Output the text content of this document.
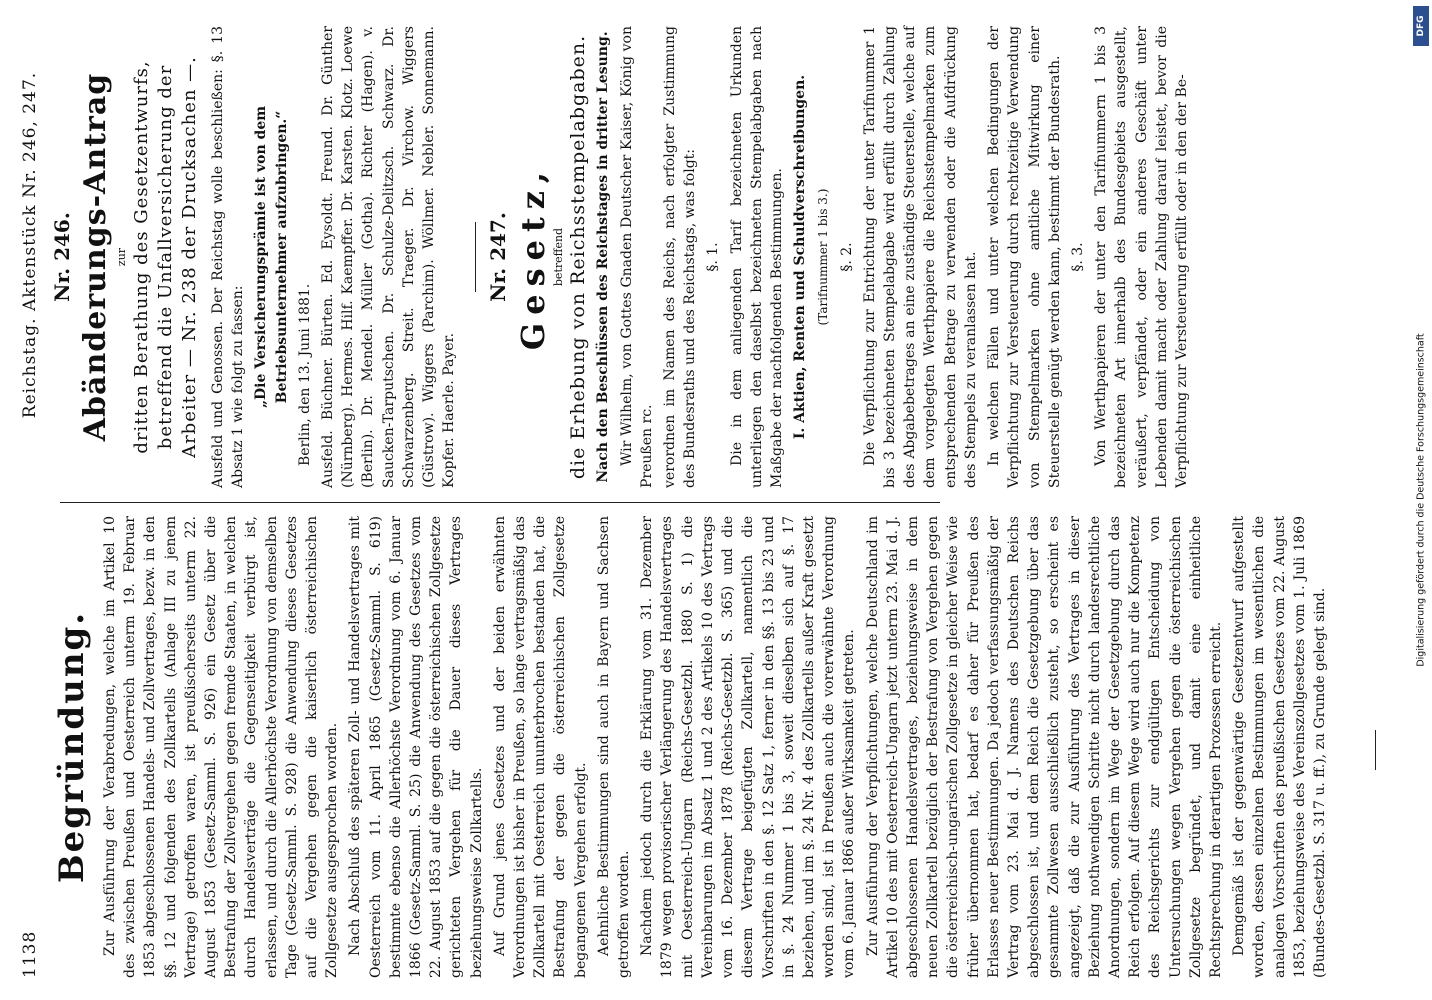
1138
Reichstag. Aktenstück Nr. 246, 247.
Begründung. Zur Ausführung der Verabredungen, welche im Artikel 10 des zwischen Preußen und Oesterreich unterm 19. Februar 1853 abgeschlossenen Handels- und Zollvertrages, bezw. in den §§. 12 und folgenden des Zollkartells (Anlage III zu jenem Vertrage) getroffen waren, ist preußischerseits unterm 22. August 1853 (Gesetz-Samml. S. 926) ein Gesetz über die Bestrafung der Zollvergehen gegen fremde Staaten, in welchen durch Handelsverträge die Gegenseitigkeit verbürgt ist, erlassen, und durch die Allerhöchste Verordnung von demselben Tage (Gesetz-Samml. S. 928) die Anwendung dieses Gesetzes auf die Vergehen gegen die kaiserlich österreichischen Zollgesetze ausgesprochen worden. Nach Abschluß des späteren Zoll- und Handelsvertrages mit Oesterreich vom 11. April 1865 (Gesetz-Samml. S. 619) bestimmte ebenso die Allerhöchste Verordnung vom 6. Januar 1866 (Gesetz-Samml. S. 25) die Anwendung des Gesetzes vom 22. August 1853 auf die gegen die österreichischen Zollgesetze gerichteten Vergehen für die Dauer dieses Vertrages beziehungsweise Zollkartells. Auf Grund jenes Gesetzes und der beiden erwähnten Verordnungen ist bisher in Preußen, so lange vertragsmäßig das Zollkartell mit Oesterreich ununterbrochen bestanden hat, die Bestrafung der gegen die österreichischen Zollgesetze begangenen Vergehen erfolgt. Aehnliche Bestimmungen sind auch in Bayern und Sachsen getroffen worden. Nachdem jedoch durch die Erklärung vom 31. Dezember 1879 wegen provisorischer Verlängerung des Handelsvertrages mit Oesterreich-Ungarn (Reichs-Gesetzbl. 1880 S. 1) die Vereinbarungen im Absatz 1 und 2 des Artikels 10 des Vertrags vom 16. Dezember 1878 (Reichs-Gesetzbl. S. 365) und die diesem Vertrage beigefügten Zollkartell, namentlich die Vorschriften in den §. 12 Satz 1, ferner in den §§. 13 bis 23 und in §. 24 Nummer 1 bis 3, soweit dieselben sich auf §. 17 beziehen, und im §. 24 Nr. 4 des Zollkartells außer Kraft gesetzt worden sind, ist in Preußen auch die vorerwähnte Verordnung vom 6. Januar 1866 außer Wirksamkeit getreten. Zur Ausführung der Verpflichtungen, welche Deutschland im Artikel 10 des mit Oesterreich-Ungarn jetzt unterm 23. Mai d. J. abgeschlossenen Handelsvertrages, beziehungsweise in dem neuen Zollkartell bezüglich der Bestrafung von Vergehen gegen die österreichisch-ungarischen Zollgesetze in gleicher Weise wie früher übernommen hat, bedarf es daher für Preußen des Erlasses neuer Bestimmungen. Da jedoch verfassungsmäßig der Vertrag vom 23. Mai d. J. Namens des Deutschen Reichs abgeschlossen ist, und dem Reich die Gesetzgebung über das gesammte Zollwesen ausschließlich zusteht, so erscheint es angezeigt, daß die zur Ausführung des Vertrages in dieser Beziehung nothwendigen Schritte nicht durch landesrechtliche Anordnungen, sondern im Wege der Gesetzgebung durch das Reich erfolgen. Auf diesem Wege wird auch nur die Kompetenz des Reichsgerichts zur endgültigen Entscheidung von Untersuchungen wegen Vergehen gegen die österreichischen Zollgesetze begründet, und damit eine einheitliche Rechtsprechung in derartigen Prozessen erreicht. Demgemäß ist der gegenwärtige Gesetzentwurf aufgestellt worden, dessen einzelnen Bestimmungen im wesentlichen die analogen Vorschriften des preußischen Gesetzes vom 22. August 1853, beziehungsweise des Vereinszollgesetzes vom 1. Juli 1869 (Bundes-Gesetzbl. S. 317 u. ff.), zu Grunde gelegt sind.

Nr. 246. Abänderungs-Antrag zur dritten Berathung des Gesetzentwurfs, betreffend die Unfallversicherung der Arbeiter — Nr. 238 der Drucksachen —. Ausfeld und Genossen. Der Reichstag wolle beschließen: §. 13 Absatz 1 wie folgt zu fassen: „Die Versicherungsprämie ist von dem Betriebsunternehmer aufzubringen.“ Berlin, den 13. Juni 1881. Ausfeld. Büchner. Bürten. Ed. Eysoldt. Freund. Dr. Günther (Nürnberg). Hermes. Hilf. Kaempffer. Dr. Karsten. Klotz. Loewe (Berlin). Dr. Mendel. Müller (Gotha). Richter (Hagen). v. Saucken-Tarputschen. Dr. Schulze-Delitzsch. Schwarz. Dr. Schwarzenberg. Streit. Traeger. Dr. Virchow. Wiggers (Güstrow). Wiggers (Parchim). Wöllmer. Nebler. Sonnemann. Kopfer. Haerle. Payer.

Nr. 247. Gesetz, betreffend die Erhebung von Reichsstempelabgaben. Nach den Beschlüssen des Reichstages in dritter Lesung. Wir Wilhelm, von Gottes Gnaden Deutscher Kaiser, König von Preußen rc. verordnen im Namen des Reichs, nach erfolgter Zustimmung des Bundesraths und des Reichstags, was folgt: §. 1. Die in dem anliegenden Tarif bezeichneten Urkunden unterliegen den daselbst bezeichneten Stempelabgaben nach Maßgabe der nachfolgenden Bestimmungen. I. Aktien, Renten und Schuldverschreibungen. (Tarifnummer 1 bis 3.) §. 2. Die Verpflichtung zur Entrichtung der unter Tarifnummer 1 bis 3 bezeichneten Stempelabgabe wird erfüllt durch Zahlung des Abgabebetrages an eine zuständige Steuerstelle, welche auf dem vorgelegten Werthpapiere die Reichsstempelmarken zum entsprechenden Betrage zu verwenden oder die Aufdrückung des Stempels zu veranlassen hat. In welchen Fällen und unter welchen Bedingungen der Verpflichtung zur Versteuerung durch rechtzeitige Verwendung von Stempelmarken ohne amtliche Mitwirkung einer Steuerstelle genügt werden kann, bestimmt der Bundesrath. §. 3. Von Werthpapieren der unter den Tarifnummern 1 bis 3 bezeichneten Art innerhalb des Bundesgebiets ausgestellt, veräußert, verpfändet, oder ein anderes Geschäft unter Lebenden damit macht oder Zahlung darauf leistet, bevor die Verpflichtung zur Versteuerung erfüllt oder in den der Be-

DFG
Digitalisierung gefördert durch die Deutsche Forschungsgemeinschaft
